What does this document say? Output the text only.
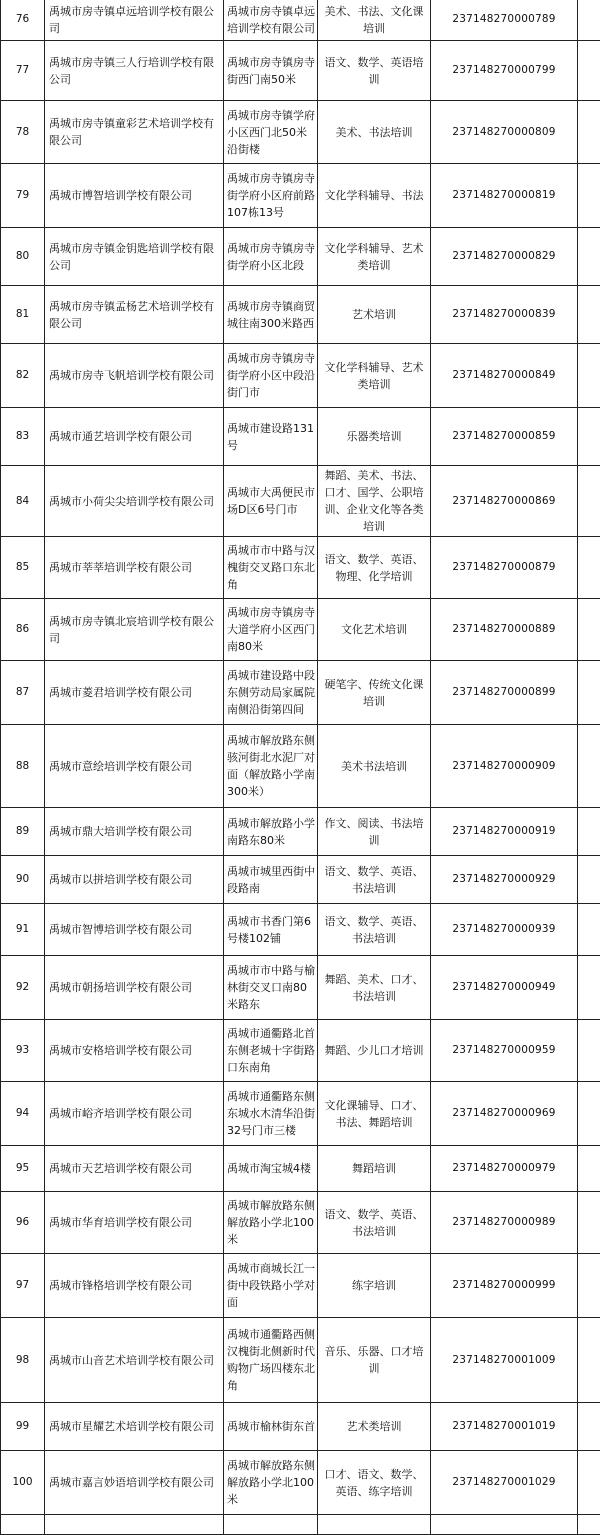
76	禹城市房寺镇卓远培训学校有限公司	禹城市房寺镇卓远培训学校有限公司	美术、书法、文化课培训	237148270000789	
77	禹城市房寺镇三人行培训学校有限公司	禹城市房寺镇房寺街西门南50米	语文、数学、英语培训	237148270000799	
78	禹城市房寺镇童彩艺术培训学校有限公司	禹城市房寺镇学府小区西门北50米沿街楼	美术、书法培训	237148270000809	
79	禹城市博智培训学校有限公司	禹城市房寺镇房寺街学府小区府前路107栋13号	文化学科辅导、书法	237148270000819	
80	禹城市房寺镇金钥匙培训学校有限公司	禹城市房寺镇房寺街学府小区北段	文化学科辅导、艺术类培训	237148270000829	
81	禹城市房寺镇孟杨艺术培训学校有限公司	禹城市房寺镇商贸城往南300米路西	艺术培训	237148270000839	
82	禹城市房寺飞帆培训学校有限公司	禹城市房寺镇房寺街学府小区中段沿街门市	文化学科辅导、艺术类培训	237148270000849	
83	禹城市通艺培训学校有限公司	禹城市建设路131号	乐器类培训	237148270000859	
84	禹城市小荷尖尖培训学校有限公司	禹城市大禹便民市场D区6号门市	舞蹈、美术、书法、口才、国学、公职培训、企业文化等各类培训	237148270000869	
85	禹城市莘莘培训学校有限公司	禹城市市中路与汉槐街交叉路口东北角	语文、数学、英语、物理、化学培训	237148270000879	
86	禹城市房寺镇北宸培训学校有限公司	禹城市房寺镇房寺大道学府小区西门南80米	文化艺术培训	237148270000889	
87	禹城市菱君培训学校有限公司	禹城市建设路中段东侧劳动局家属院南侧沿街第四间	硬笔字、传统文化课培训	237148270000899	
88	禹城市意绘培训学校有限公司	禹城市解放路东侧骇河街北水泥厂对面（解放路小学南300米）	美术书法培训	237148270000909	
89	禹城市鼎大培训学校有限公司	禹城市解放路小学南路东80米	作文、阅读、书法培训	237148270000919	
90	禹城市以拼培训学校有限公司	禹城市城里西街中段路南	语文、数学、英语、书法培训	237148270000929	
91	禹城市智博培训学校有限公司	禹城市书香门第6号楼102铺	语文、数学、英语、书法培训	237148270000939	
92	禹城市朝扬培训学校有限公司	禹城市市中路与榆林街交叉口南80米路东	舞蹈、美术、口才、书法培训	237148270000949	
93	禹城市安格培训学校有限公司	禹城市通衢路北首东侧老城十字街路口东南角	舞蹈、少儿口才培训	237148270000959	
94	禹城市峪齐培训学校有限公司	禹城市通衢路东侧东城水木清华沿街32号门市三楼	文化课辅导、口才、书法、舞蹈培训	237148270000969	
95	禹城市天艺培训学校有限公司	禹城市淘宝城4楼	舞蹈培训	237148270000979	
96	禹城市华育培训学校有限公司	禹城市解放路东侧解放路小学北100米	语文、数学、英语、书法培训	237148270000989	
97	禹城市锋格培训学校有限公司	禹城市商城长江一街中段铁路小学对面	练字培训	237148270000999	
98	禹城市山音艺术培训学校有限公司	禹城市通衢路西侧汉槐街北侧新时代购物广场四楼东北角	音乐、乐器、口才培训	237148270001009	
99	禹城市星耀艺术培训学校有限公司	禹城市榆林街东首	艺术类培训	237148270001019	
100	禹城市嘉言妙语培训学校有限公司	禹城市解放路东侧解放路小学北100米	口才、语文、数学、英语、练字培训	237148270001029	
